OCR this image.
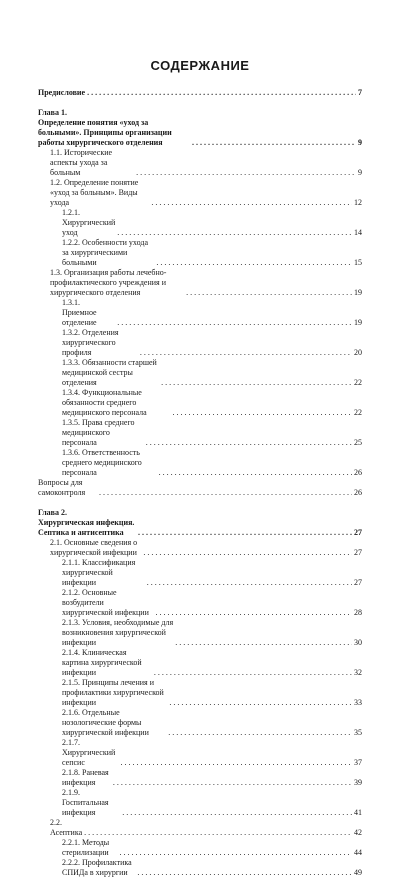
СОДЕРЖАНИЕ
Предисловие . . .	7
Глава 1.
Определение понятия «уход за больными». Принципы организации работы хирургического отделения . . .	9
1.1. Исторические аспекты ухода за больным . . .	9
1.2. Определение понятие «уход за больным». Виды ухода . . .	12
1.2.1. Хирургический уход . . .	14
1.2.2. Особенности ухода за хирургическими больными . . .	15
1.3. Организация работы лечебно-профилактического учреждения и хирургического отделения . . .	19
1.3.1. Приемное отделение . . .	19
1.3.2. Отделения хирургического профиля . . .	20
1.3.3. Обязанности старшей медицинской сестры отделения . . .	22
1.3.4. Функциональные обязанности среднего медицинского персонала . . .	22
1.3.5. Права среднего медицинского персонала . . .	25
1.3.6. Ответственность среднего медицинского персонала . . .	26
Вопросы для самоконтроля . . .	26
Глава 2.
Хирургическая инфекция. Септика и антисептика . . .	27
2.1. Основные сведения о хирургической инфекции . . .	27
2.1.1. Классификация хирургической инфекции . . .	27
2.1.2. Основные возбудители хирургической инфекции . . .	28
2.1.3. Условия, необходимые для возникновения хирургической инфекции . . .	30
2.1.4. Клиническая картина хирургической инфекции . . .	32
2.1.5. Принципы лечения и профилактики хирургической инфекции . . .	33
2.1.6. Отдельные нозологические формы хирургической инфекции . . .	35
2.1.7. Хирургический сепсис . . .	37
2.1.8. Раневая инфекция . . .	39
2.1.9. Госпитальная инфекция . . .	41
2.2. Асептика . . .	42
2.2.1. Методы стерилизации . . .	44
2.2.2. Профилактика СПИДа в хирургии . . .	49
